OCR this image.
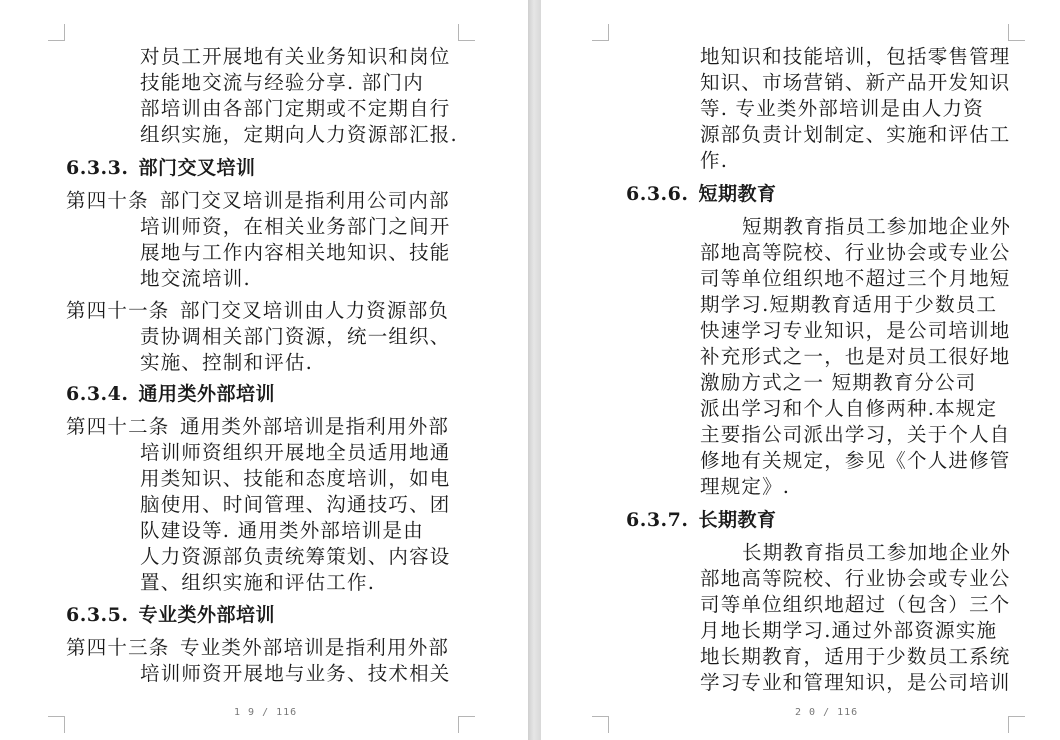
对员工开展地有关业务知识和岗位
技能地交流与经验分享. 部门内
部培训由各部门定期或不定期自行
组织实施，定期向人力资源部汇报.
6.3.3. 部门交叉培训
第四十条 部门交叉培训是指利用公司内部
培训师资，在相关业务部门之间开
展地与工作内容相关地知识、技能
地交流培训.
第四十一条 部门交叉培训由人力资源部负
责协调相关部门资源，统一组织、
实施、控制和评估.
6.3.4. 通用类外部培训
第四十二条 通用类外部培训是指利用外部
培训师资组织开展地全员适用地通
用类知识、技能和态度培训，如电
脑使用、时间管理、沟通技巧、团
队建设等. 通用类外部培训是由
人力资源部负责统筹策划、内容设
置、组织实施和评估工作.
6.3.5. 专业类外部培训
第四十三条 专业类外部培训是指利用外部
培训师资开展地与业务、技术相关
1 9 / 116
地知识和技能培训，包括零售管理
知识、市场营销、新产品开发知识
等. 专业类外部培训是由人力资
源部负责计划制定、实施和评估工
作.
6.3.6. 短期教育
短期教育指员工参加地企业外
部地高等院校、行业协会或专业公
司等单位组织地不超过三个月地短
期学习.短期教育适用于少数员工
快速学习专业知识，是公司培训地
补充形式之一，也是对员工很好地
激励方式之一 短期教育分公司
派出学习和个人自修两种.本规定
主要指公司派出学习，关于个人自
修地有关规定，参见《个人进修管
理规定》.
6.3.7. 长期教育
长期教育指员工参加地企业外
部地高等院校、行业协会或专业公
司等单位组织地超过（包含）三个
月地长期学习.通过外部资源实施
地长期教育，适用于少数员工系统
学习专业和管理知识，是公司培训
2 0 / 116
